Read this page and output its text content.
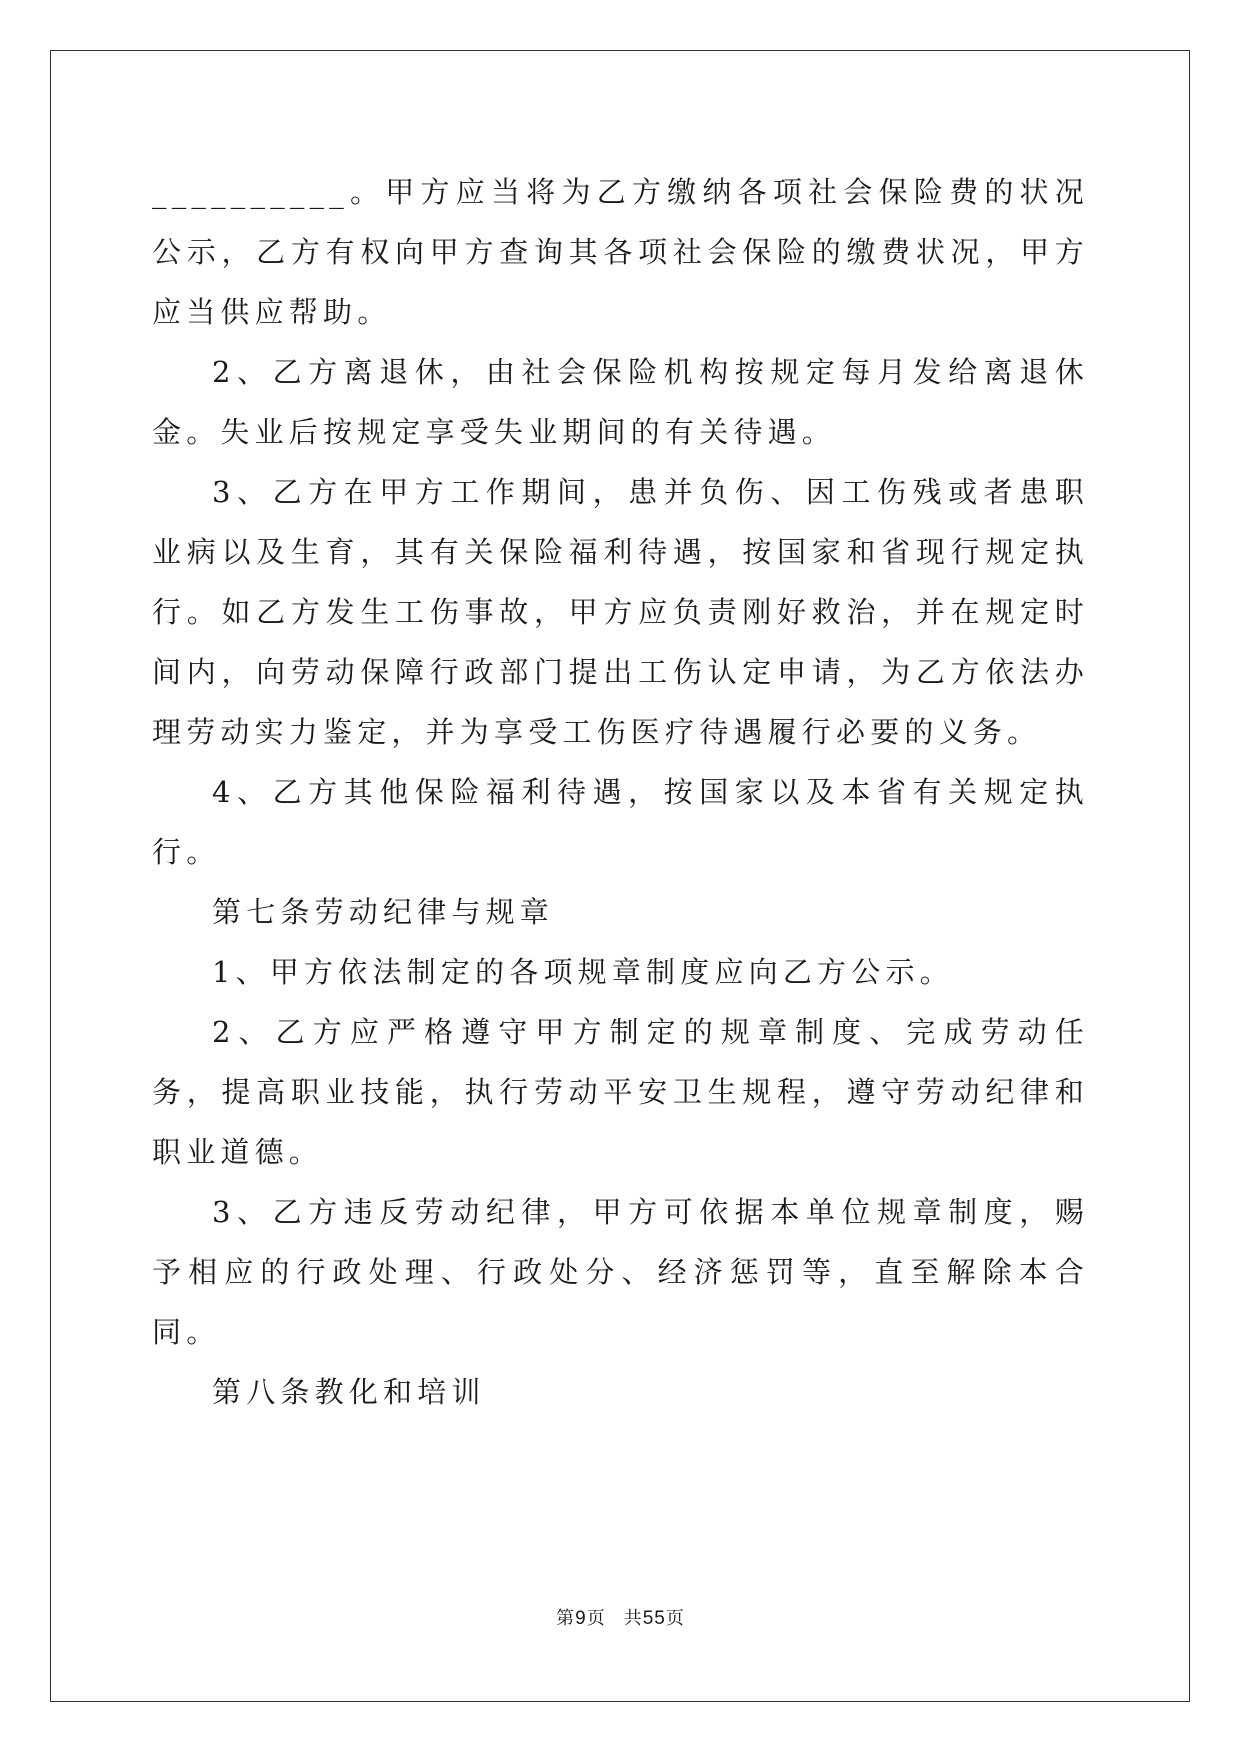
__________。甲方应当将为乙方缴纳各项社会保险费的状况公示，乙方有权向甲方查询其各项社会保险的缴费状况，甲方应当供应帮助。

2、乙方离退休，由社会保险机构按规定每月发给离退休金。失业后按规定享受失业期间的有关待遇。

3、乙方在甲方工作期间，患并负伤、因工伤残或者患职业病以及生育，其有关保险福利待遇，按国家和省现行规定执行。如乙方发生工伤事故，甲方应负责刚好救治，并在规定时间内，向劳动保障行政部门提出工伤认定申请，为乙方依法办理劳动实力鉴定，并为享受工伤医疗待遇履行必要的义务。

4、乙方其他保险福利待遇，按国家以及本省有关规定执行。

第七条劳动纪律与规章

1、甲方依法制定的各项规章制度应向乙方公示。

2、乙方应严格遵守甲方制定的规章制度、完成劳动任务，提高职业技能，执行劳动平安卫生规程，遵守劳动纪律和职业道德。

3、乙方违反劳动纪律，甲方可依据本单位规章制度，赐予相应的行政处理、行政处分、经济惩罚等，直至解除本合同。

第八条教化和培训

第9页 共55页
